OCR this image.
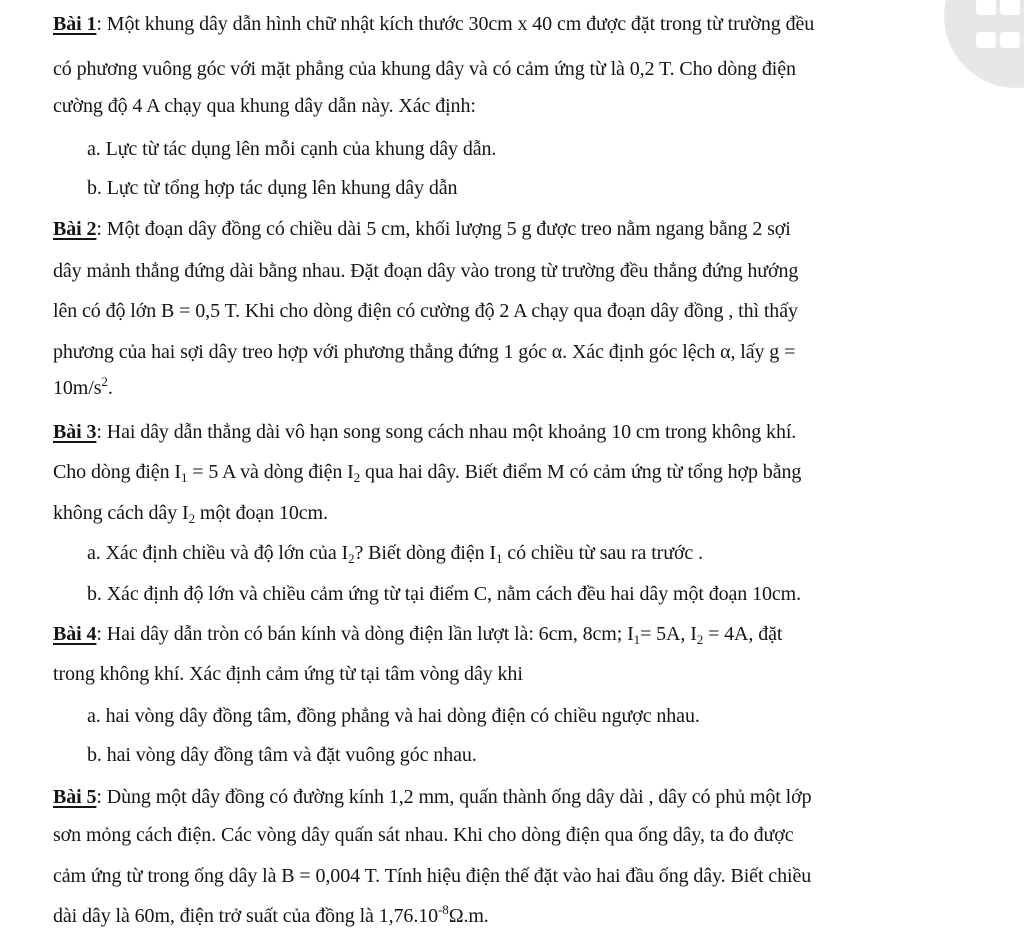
Bài 1: Một khung dây dẫn hình chữ nhật kích thước 30cm x 40 cm được đặt trong từ trường đều
có phương vuông góc với mặt phẳng của khung dây và có cảm ứng từ là 0,2 T. Cho dòng điện
cường độ 4 A chạy qua khung dây dẫn này. Xác định:
a. Lực từ tác dụng lên mỗi cạnh của khung dây dẫn.
b. Lực từ tổng hợp tác dụng lên khung dây dẫn
Bài 2: Một đoạn dây đồng có chiều dài 5 cm, khối lượng 5 g được treo nằm ngang bằng 2 sợi
dây mảnh thẳng đứng dài bằng nhau. Đặt đoạn dây vào trong từ trường đều thẳng đứng hướng
lên có độ lớn B = 0,5 T. Khi cho dòng điện có cường độ 2 A chạy qua đoạn dây đồng , thì thấy
phương của hai sợi dây treo hợp với phương thẳng đứng 1 góc α. Xác định góc lệch α, lấy g =
$10m/s^2$.
Bài 3: Hai dây dẫn thẳng dài vô hạn song song cách nhau một khoảng 10 cm trong không khí.
Cho dòng điện $I_1 = 5$ A và dòng điện $I_2$ qua hai dây. Biết điểm M có cảm ứng từ tổng hợp bằng
không cách dây $I_2$ một đoạn 10cm.
a. Xác định chiều và độ lớn của $I_2$? Biết dòng điện $I_1$ có chiều từ sau ra trước .
b. Xác định độ lớn và chiều cảm ứng từ tại điểm C, nằm cách đều hai dây một đoạn 10cm.
Bài 4: Hai dây dẫn tròn có bán kính và dòng điện lần lượt là: 6cm, 8cm; $I_1= 5A$, $I_2 = 4A$, đặt
trong không khí. Xác định cảm ứng từ tại tâm vòng dây khi
a. hai vòng dây đồng tâm, đồng phẳng và hai dòng điện có chiều ngược nhau.
b. hai vòng dây đồng tâm và đặt vuông góc nhau.
Bài 5: Dùng một dây đồng có đường kính 1,2 mm, quấn thành ống dây dài , dây có phủ một lớp
sơn mỏng cách điện. Các vòng dây quấn sát nhau. Khi cho dòng điện qua ống dây, ta đo được
cảm ứng từ trong ống dây là B = 0,004 T. Tính hiệu điện thế đặt vào hai đầu ống dây. Biết chiều
dài dây là 60m, điện trở suất của đồng là $1,76.10^{-8}\Omega.m$.
